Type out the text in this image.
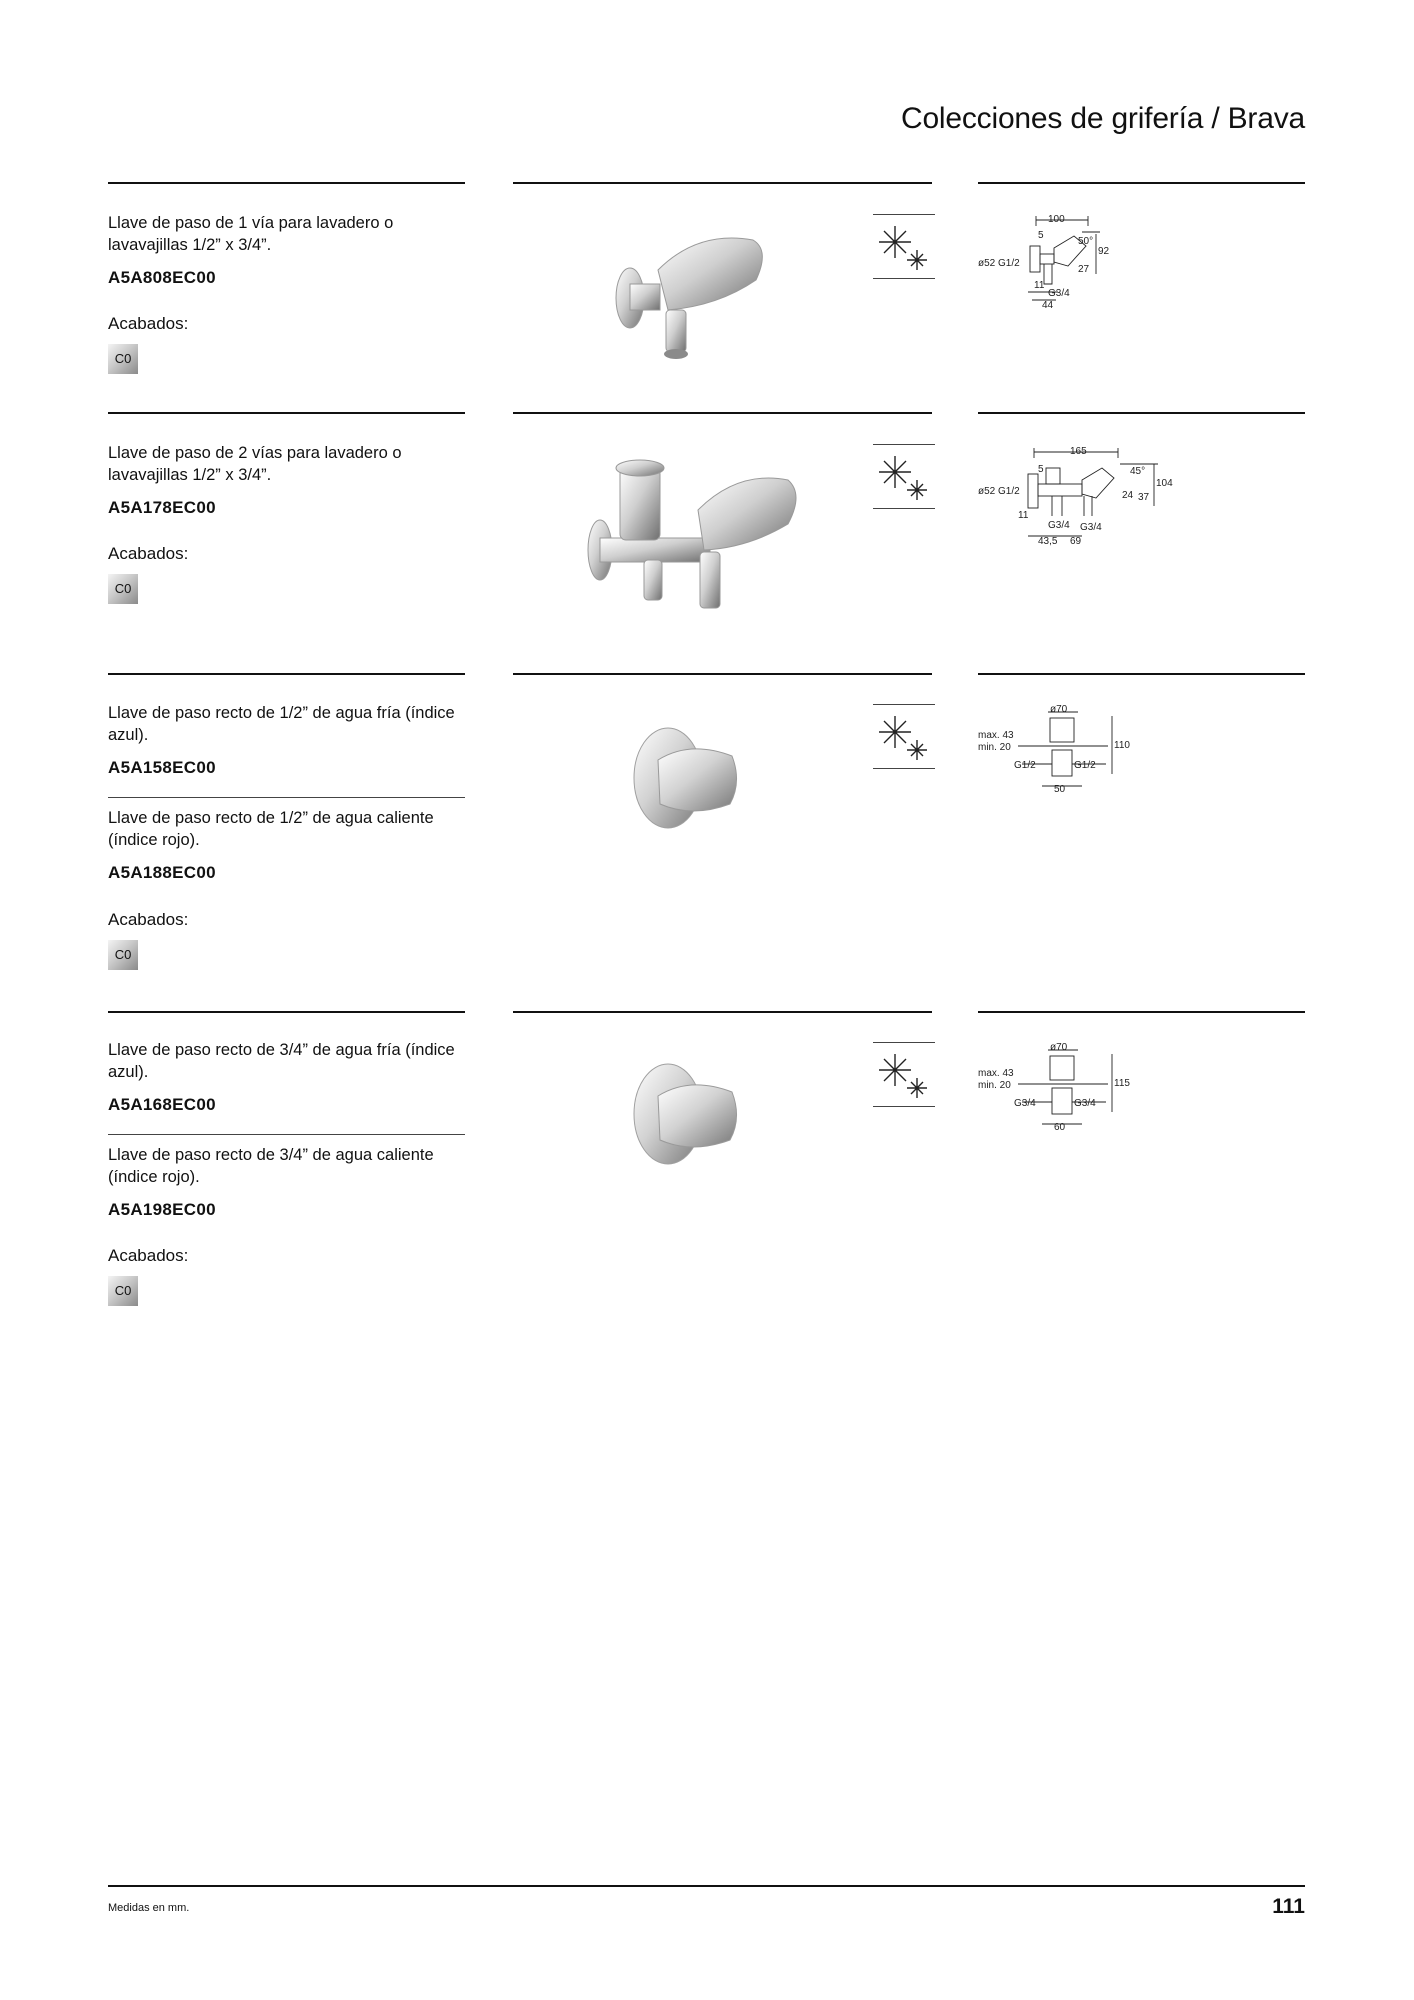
Colecciones de grifería / Brava
Llave de paso de 1 vía para lavadero o lavavajillas 1/2” x 3/4”.
A5A808EC00
Acabados:
C0
100
5
50°
92
ø52 G1/2
27
11
G3/4
44
Llave de paso de 2 vías para lavadero o lavavajillas 1/2” x 3/4”.
A5A178EC00
Acabados:
C0
165
5	45°
104
ø52 G1/2	24 37
11
G3/4 G3/4
43,5 69
Llave de paso recto de 1/2” de agua fría (índice azul).
A5A158EC00
Llave de paso recto de 1/2” de agua caliente (índice rojo).
A5A188EC00
Acabados:
C0
ø70
max. 43
min. 20	110
G1/2	G1/2
50
Llave de paso recto de 3/4” de agua fría (índice azul).
A5A168EC00
Llave de paso recto de 3/4” de agua caliente (índice rojo).
A5A198EC00
Acabados:
C0
ø70
max. 43
min. 20	115
G3/4	G3/4
60
Medidas en mm.	111
